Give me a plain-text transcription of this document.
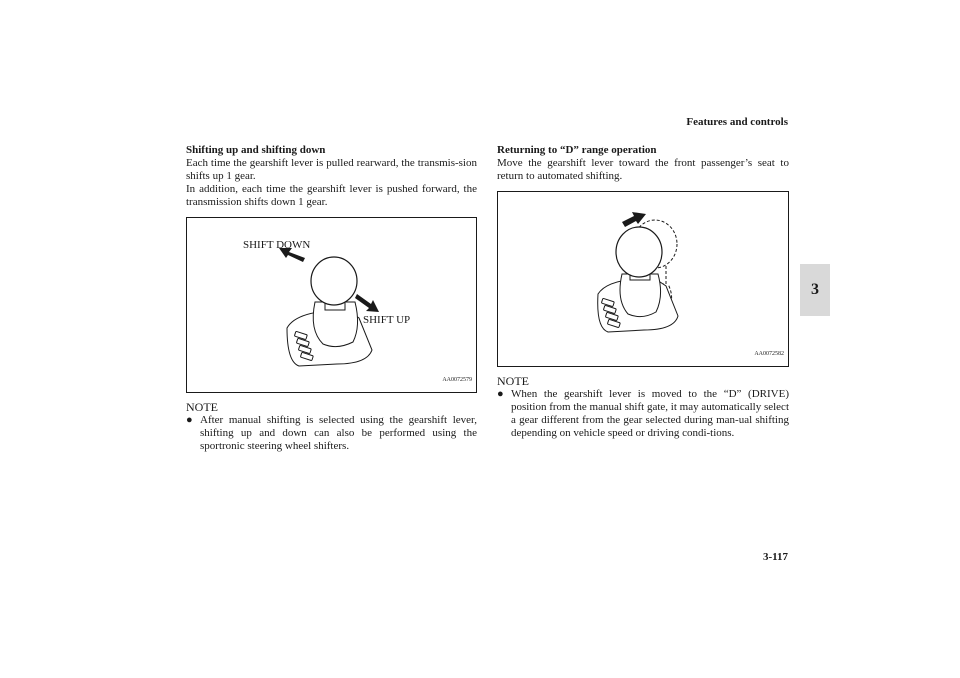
Features and controls
3

Shifting up and shifting down

Each time the gearshift lever is pulled rearward, the transmis-sion shifts up 1 gear.

In addition, each time the gearshift lever is pushed forward, the transmission shifts down 1 gear.

SHIFT DOWN
SHIFT UP
AA0072579
NOTE
● After manual shifting is selected using the gearshift lever, shifting up and down can also be performed using the sportronic steering wheel shifters.

Returning to “D” range operation

Move the gearshift lever toward the front passenger’s seat to return to automated shifting.

AA0072582
NOTE
● When the gearshift lever is moved to the “D” (DRIVE) position from the manual shift gate, it may automatically select a gear different from the gear selected during man-ual shifting depending on vehicle speed or driving condi-tions.
3-117
